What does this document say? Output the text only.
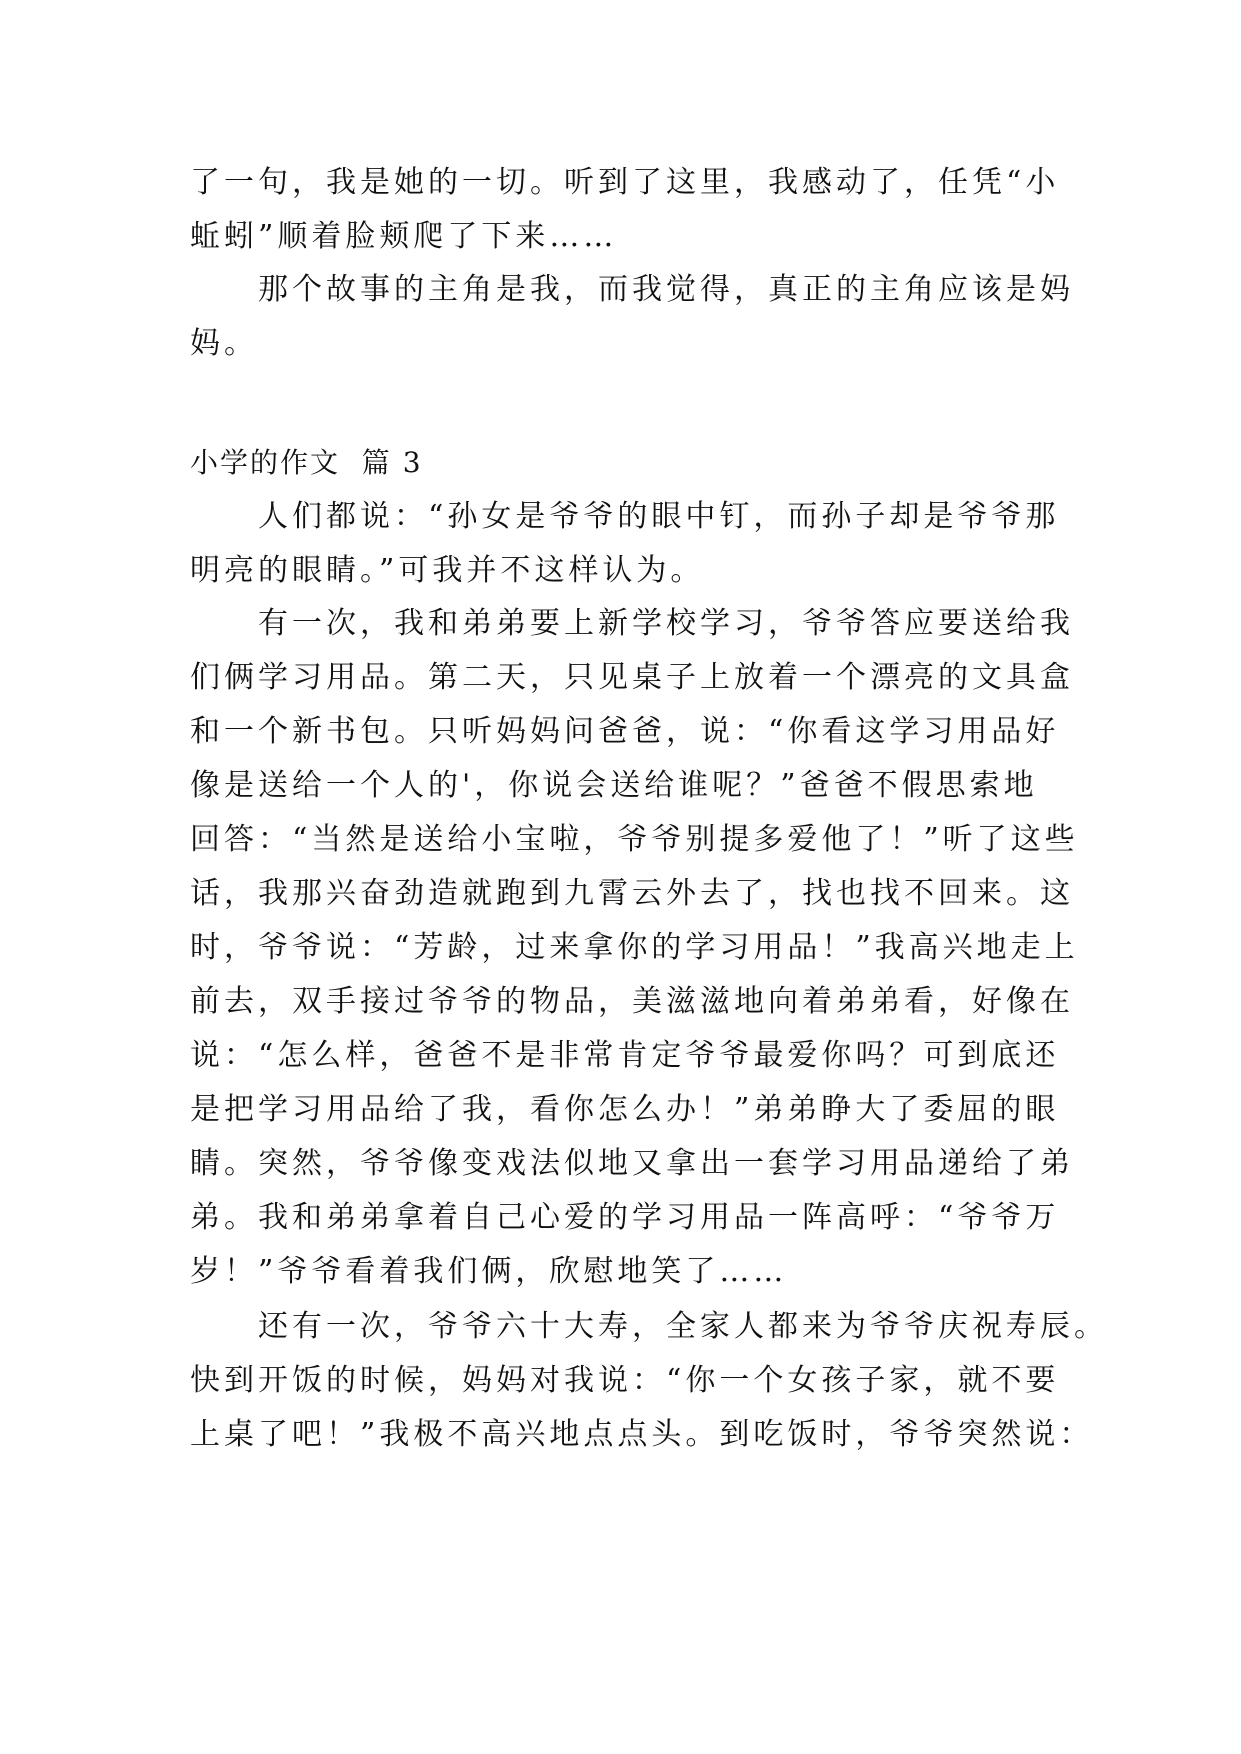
了一句，我是她的一切。听到了这里，我感动了，任凭“小
蚯蚓”顺着脸颊爬了下来……
　　那个故事的主角是我，而我觉得，真正的主角应该是妈
妈。
小学的作文  篇 3
　　人们都说：“孙女是爷爷的眼中钉，而孙子却是爷爷那
明亮的眼睛。”可我并不这样认为。
　　有一次，我和弟弟要上新学校学习，爷爷答应要送给我
们俩学习用品。第二天，只见桌子上放着一个漂亮的文具盒
和一个新书包。只听妈妈问爸爸，说：“你看这学习用品好
像是送给一个人的'，你说会送给谁呢？”爸爸不假思索地
回答：“当然是送给小宝啦，爷爷别提多爱他了！”听了这些
话，我那兴奋劲造就跑到九霄云外去了，找也找不回来。这
时，爷爷说：“芳龄，过来拿你的学习用品！”我高兴地走上
前去，双手接过爷爷的物品，美滋滋地向着弟弟看，好像在
说：“怎么样，爸爸不是非常肯定爷爷最爱你吗？可到底还
是把学习用品给了我，看你怎么办！”弟弟睁大了委屈的眼
睛。突然，爷爷像变戏法似地又拿出一套学习用品递给了弟
弟。我和弟弟拿着自己心爱的学习用品一阵高呼：“爷爷万
岁！”爷爷看着我们俩，欣慰地笑了……
　　还有一次，爷爷六十大寿，全家人都来为爷爷庆祝寿辰。
快到开饭的时候，妈妈对我说：“你一个女孩子家，就不要
上桌了吧！”我极不高兴地点点头。到吃饭时，爷爷突然说：
